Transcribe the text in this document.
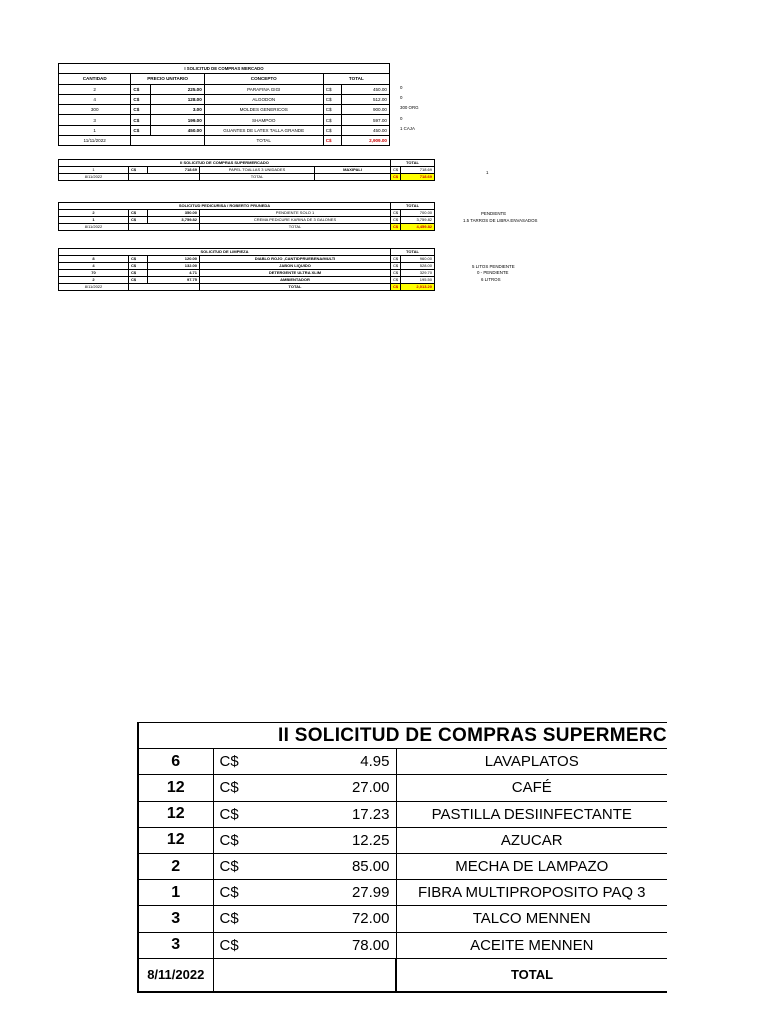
I SOLICITUD DE COMPRAS MERCADO					
CANTIDAD	PRECIO UNITARIO		CONCEPTO	TOTAL	
2	C$	225.00	PARAFINA GIGI	C$	450.00
4	C$	128.00	ALGODON	C$	512.00
300	C$	3.00	MOLDES GENERICOS	C$	900.00
3	C$	199.00	SHAMPOO	C$	597.00
1	C$	450.00	GUANTES DE LATEX TALLA GRANDE	C$	450.00
11/11/2022			TOTAL	C$	2,909.00
0
0
300 ORG
0
1 CAJA
II SOLICITUD DE COMPRAS SUPERMERCADO					TOTAL	
1	C$	718.69	PAPEL TOALLAS 3 UNIDADES	MAXIPALI	C$	718.69
8/11/2022			TOTAL		C$	718.69
1
SOLICITUD PEDICURISA / ROBERTO PRUNEDA				TOTAL	
2	C$	350.00	PENDIENTE SOLO 1	C$	700.00
1	C$	3,759.82	CREMA PEDICURE KARINA DE 3 GALONES	C$	3,759.82
8/11/2022			TOTAL	C$	4,459.82
PENDIENTE
1.5 TARROS DE LIBRA ENVASADOS
SOLICITUD DE LIMPIEZA				TOTAL	
8	C$	120.00	DIABLO ROJO ,CANTIDPRUEBENA/MULTI	C$	960.00
4	C$	132.00	JABON LIQUIDO	C$	528.00
70	C$	4.71	DETERGENTE ULTRA XLIM	C$	329.70
2	C$	97.75	AMBIENTADOR	C$	195.50
8/11/2022			TOTAL	C$	2,013.20
5 LITOS PENDIENTE
0 - PENDIENTE
6 LITROS
II SOLICITUD DE COMPRAS SUPERMERC			
6	C$	4.95	LAVAPLATOS
12	C$	27.00	CAFÉ
12	C$	17.23	PASTILLA DESIINFECTANTE
12	C$	12.25	AZUCAR
2	C$	85.00	MECHA DE LAMPAZO
1	C$	27.99	FIBRA MULTIPROPOSITO PAQ 3
3	C$	72.00	TALCO MENNEN
3	C$	78.00	ACEITE MENNEN
8/11/2022			TOTAL
